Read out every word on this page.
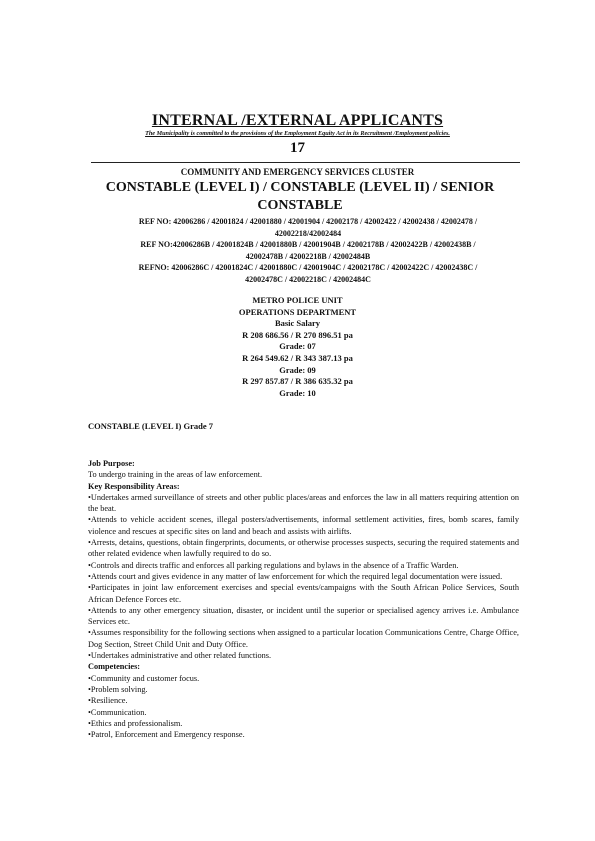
INTERNAL /EXTERNAL APPLICANTS
The Municipality is committed to the provisions of the Employment Equity Act in its Recruitment /Employment policies.
17
COMMUNITY AND EMERGENCY SERVICES CLUSTER
CONSTABLE (LEVEL I) / CONSTABLE (LEVEL II) / SENIOR CONSTABLE
REF NO: 42006286 / 42001824 / 42001880 / 42001904 / 42002178 / 42002422 / 42002438 / 42002478 /
42002218/42002484
REF NO:42006286B / 42001824B / 42001880B / 42001904B / 42002178B / 42002422B / 42002438B /
42002478B / 42002218B / 42002484B
REFNO: 42006286C / 42001824C / 42001880C / 42001904C / 42002178C / 42002422C / 42002438C /
42002478C / 42002218C / 42002484C
METRO POLICE UNIT
OPERATIONS DEPARTMENT
Basic Salary
R 208 686.56 / R 270 896.51 pa
Grade: 07
R 264 549.62 / R 343 387.13 pa
Grade: 09
R 297 857.87 / R 386 635.32 pa
Grade: 10
CONSTABLE (LEVEL I) Grade 7

Job Purpose:

To undergo training in the areas of law enforcement.

Key Responsibility Areas:

•Undertakes armed surveillance of streets and other public places/areas and enforces the law in all matters requiring attention on the beat.

•Attends to vehicle accident scenes, illegal posters/advertisements, informal settlement activities, fires, bomb scares, family violence and rescues at specific sites on land and beach and assists with airlifts.

•Arrests, detains, questions, obtain fingerprints, documents, or otherwise processes suspects, securing the required statements and other related evidence when lawfully required to do so.

•Controls and directs traffic and enforces all parking regulations and bylaws in the absence of a Traffic Warden.

•Attends court and gives evidence in any matter of law enforcement for which the required legal documentation were issued.

•Participates in joint law enforcement exercises and special events/campaigns with the South African Police Services, South African Defence Forces etc.

•Attends to any other emergency situation, disaster, or incident until the superior or specialised agency arrives i.e. Ambulance Services etc.

•Assumes responsibility for the following sections when assigned to a particular location Communications Centre, Charge Office, Dog Section, Street Child Unit and Duty Office.

•Undertakes administrative and other related functions.

Competencies:

•Community and customer focus.

•Problem solving.

•Resilience.

•Communication.

•Ethics and professionalism.

•Patrol, Enforcement and Emergency response.
